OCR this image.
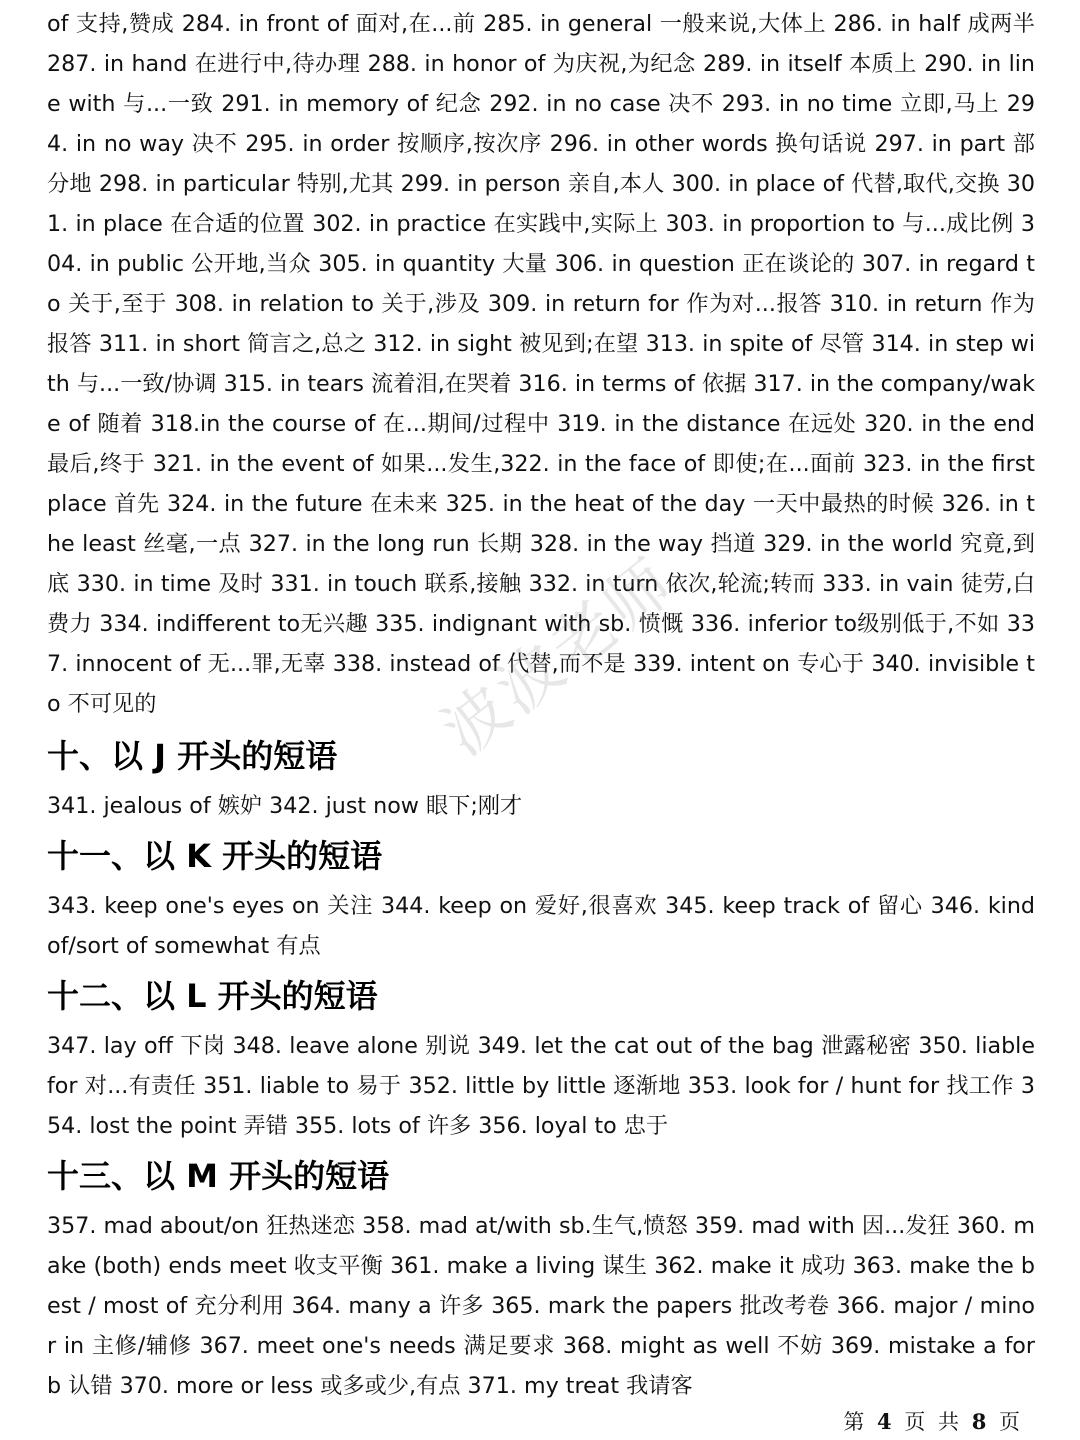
of 支持,赞成 284. in front of 面对,在...前 285. in general 一般来说,大体上 286. in half 成两半 287. in hand 在进行中,待办理 288. in honor of 为庆祝,为纪念 289. in itself 本质上 290. in line with 与...一致 291. in memory of 纪念 292. in no case 决不 293. in no time 立即,马上 294. in no way 决不 295. in order 按顺序,按次序 296. in other words 换句话说 297. in part 部分地 298. in particular 特别,尤其 299. in person 亲自,本人 300. in place of 代替,取代,交换 301. in place 在合适的位置 302. in practice 在实践中,实际上 303. in proportion to 与...成比例 304. in public 公开地,当众 305. in quantity 大量 306. in question 正在谈论的 307. in regard to 关于,至于 308. in relation to 关于,涉及 309. in return for 作为对...报答 310. in return 作为报答 311. in short 简言之,总之 312. in sight 被见到;在望 313. in spite of 尽管 314. in step with 与...一致/协调 315. in tears 流着泪,在哭着 316. in terms of 依据 317. in the company/wake of 随着 318.in the course of 在...期间/过程中 319. in the distance 在远处 320. in the end 最后,终于 321. in the event of 如果...发生,322. in the face of 即使;在...面前 323. in the first place 首先 324. in the future 在未来 325. in the heat of the day 一天中最热的时候 326. in the least 丝毫,一点 327. in the long run 长期 328. in the way 挡道 329. in the world 究竟,到底 330. in time 及时 331. in touch 联系,接触 332. in turn 依次,轮流;转而 333. in vain 徒劳,白费力 334. indifferent to无兴趣 335. indignant with sb. 愤慨 336. inferior to级别低于,不如 337. innocent of 无...罪,无辜 338. instead of 代替,而不是 339. intent on 专心于 340. invisible to 不可见的

十、以 J 开头的短语

341. jealous of 嫉妒 342. just now 眼下;刚才

十一、以 K 开头的短语

343. keep one's eyes on 关注 344. keep on 爱好,很喜欢 345. keep track of 留心 346. kind of/sort of somewhat 有点

十二、以 L 开头的短语

347. lay off 下岗 348. leave alone 别说 349. let the cat out of the bag 泄露秘密 350. liable for 对...有责任 351. liable to 易于 352. little by little 逐渐地 353. look for / hunt for 找工作 354. lost the point 弄错 355. lots of 许多 356. loyal to 忠于

十三、以 M 开头的短语

357. mad about/on 狂热迷恋 358. mad at/with sb.生气,愤怒 359. mad with 因...发狂 360. make (both) ends meet 收支平衡 361. make a living 谋生 362. make it 成功 363. make the best / most of 充分利用 364. many a 许多 365. mark the papers 批改考卷 366. major / minor in 主修/辅修 367. meet one's needs 满足要求 368. might as well 不妨 369. mistake a for b 认错 370. more or less 或多或少,有点 371. my treat 我请客

波波老师
第 4 页 共 8 页
